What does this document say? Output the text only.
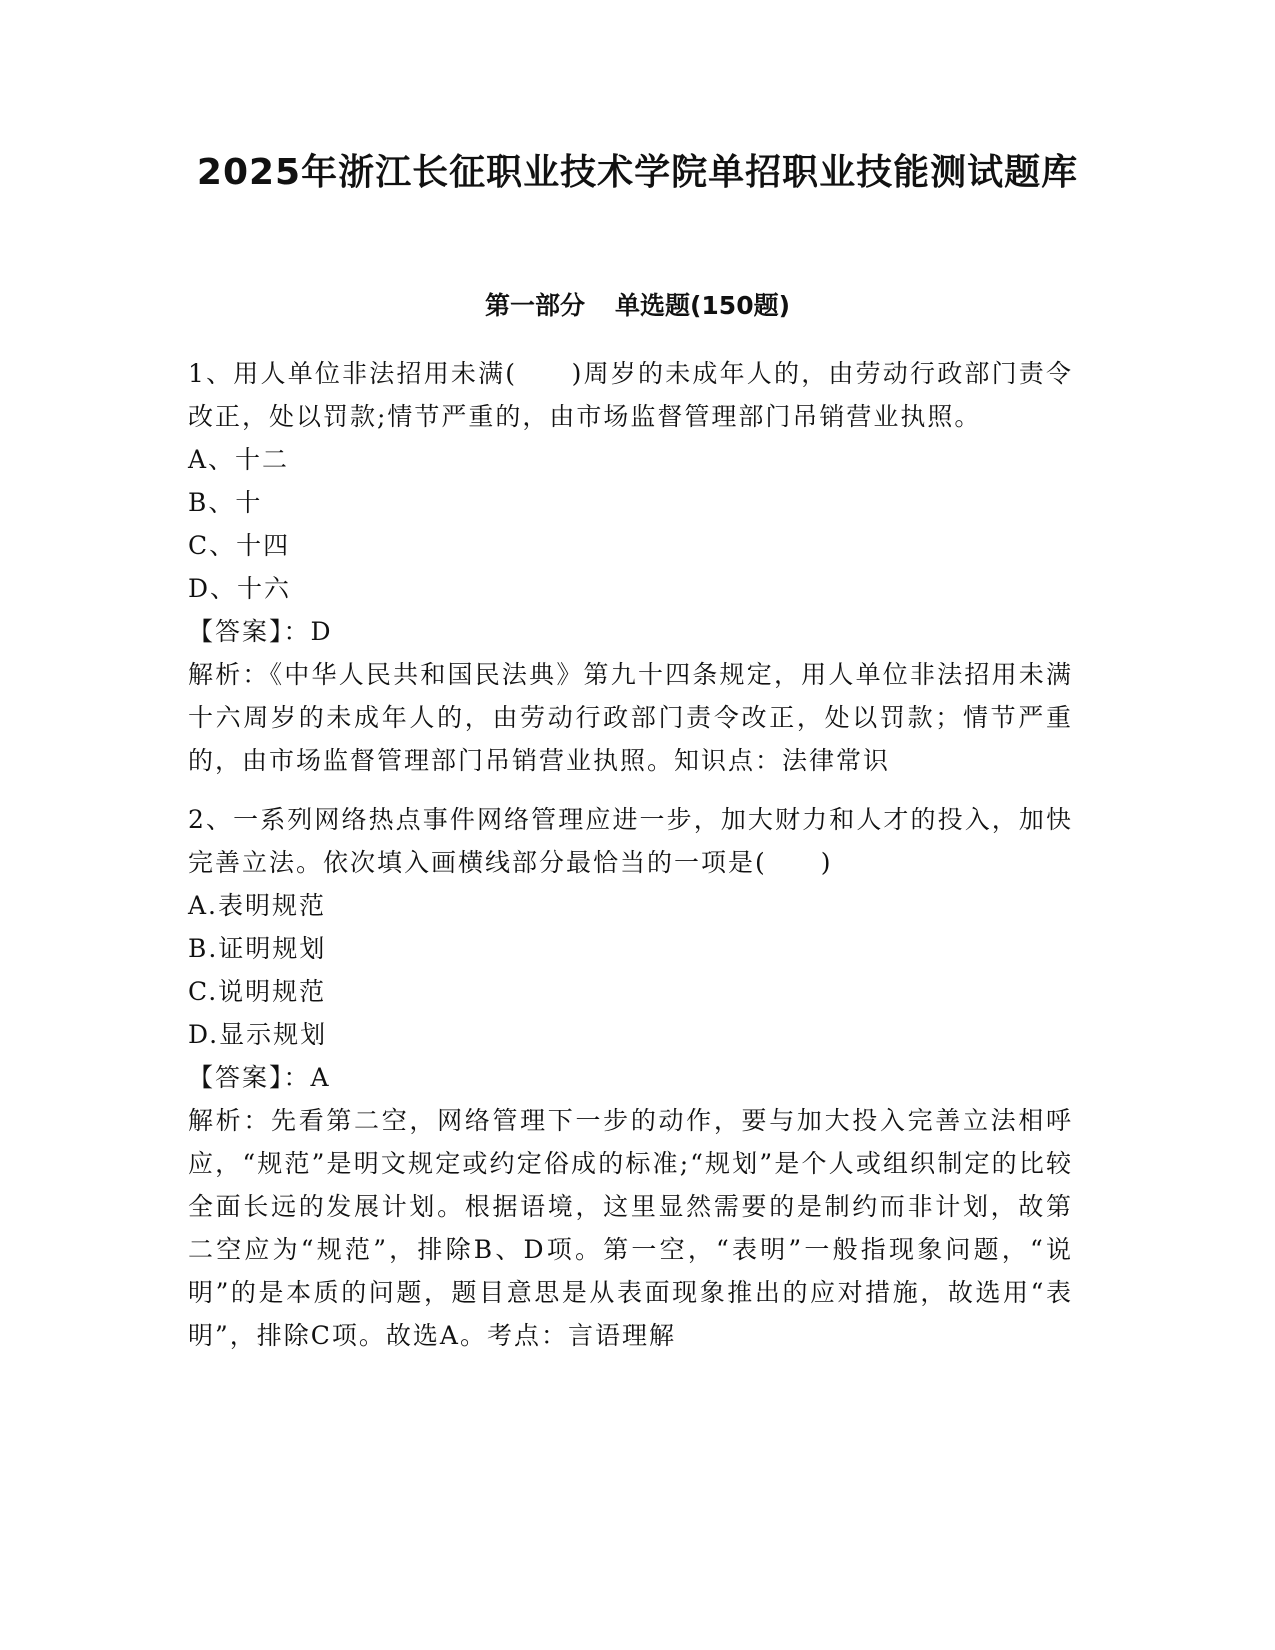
2025年浙江长征职业技术学院单招职业技能测试题库
第一部分 单选题(150题)

1、用人单位非法招用未满(　　)周岁的未成年人的，由劳动行政部门责令改正，处以罚款;情节严重的，由市场监督管理部门吊销营业执照。

A、十二
B、十
C、十四
D、十六

【答案】：D

解析：《中华人民共和国民法典》第九十四条规定，用人单位非法招用未满十六周岁的未成年人的，由劳动行政部门责令改正，处以罚款；情节严重的，由市场监督管理部门吊销营业执照。知识点：法律常识

2、一系列网络热点事件网络管理应进一步，加大财力和人才的投入，加快完善立法。依次填入画横线部分最恰当的一项是(　　)

A.表明规范
B.证明规划
C.说明规范
D.显示规划

【答案】：A

解析：先看第二空，网络管理下一步的动作，要与加大投入完善立法相呼应，“规范”是明文规定或约定俗成的标准;“规划”是个人或组织制定的比较全面长远的发展计划。根据语境，这里显然需要的是制约而非计划，故第二空应为“规范”，排除B、D项。第一空，“表明”一般指现象问题，“说明”的是本质的问题，题目意思是从表面现象推出的应对措施，故选用“表明”，排除C项。故选A。考点：言语理解
